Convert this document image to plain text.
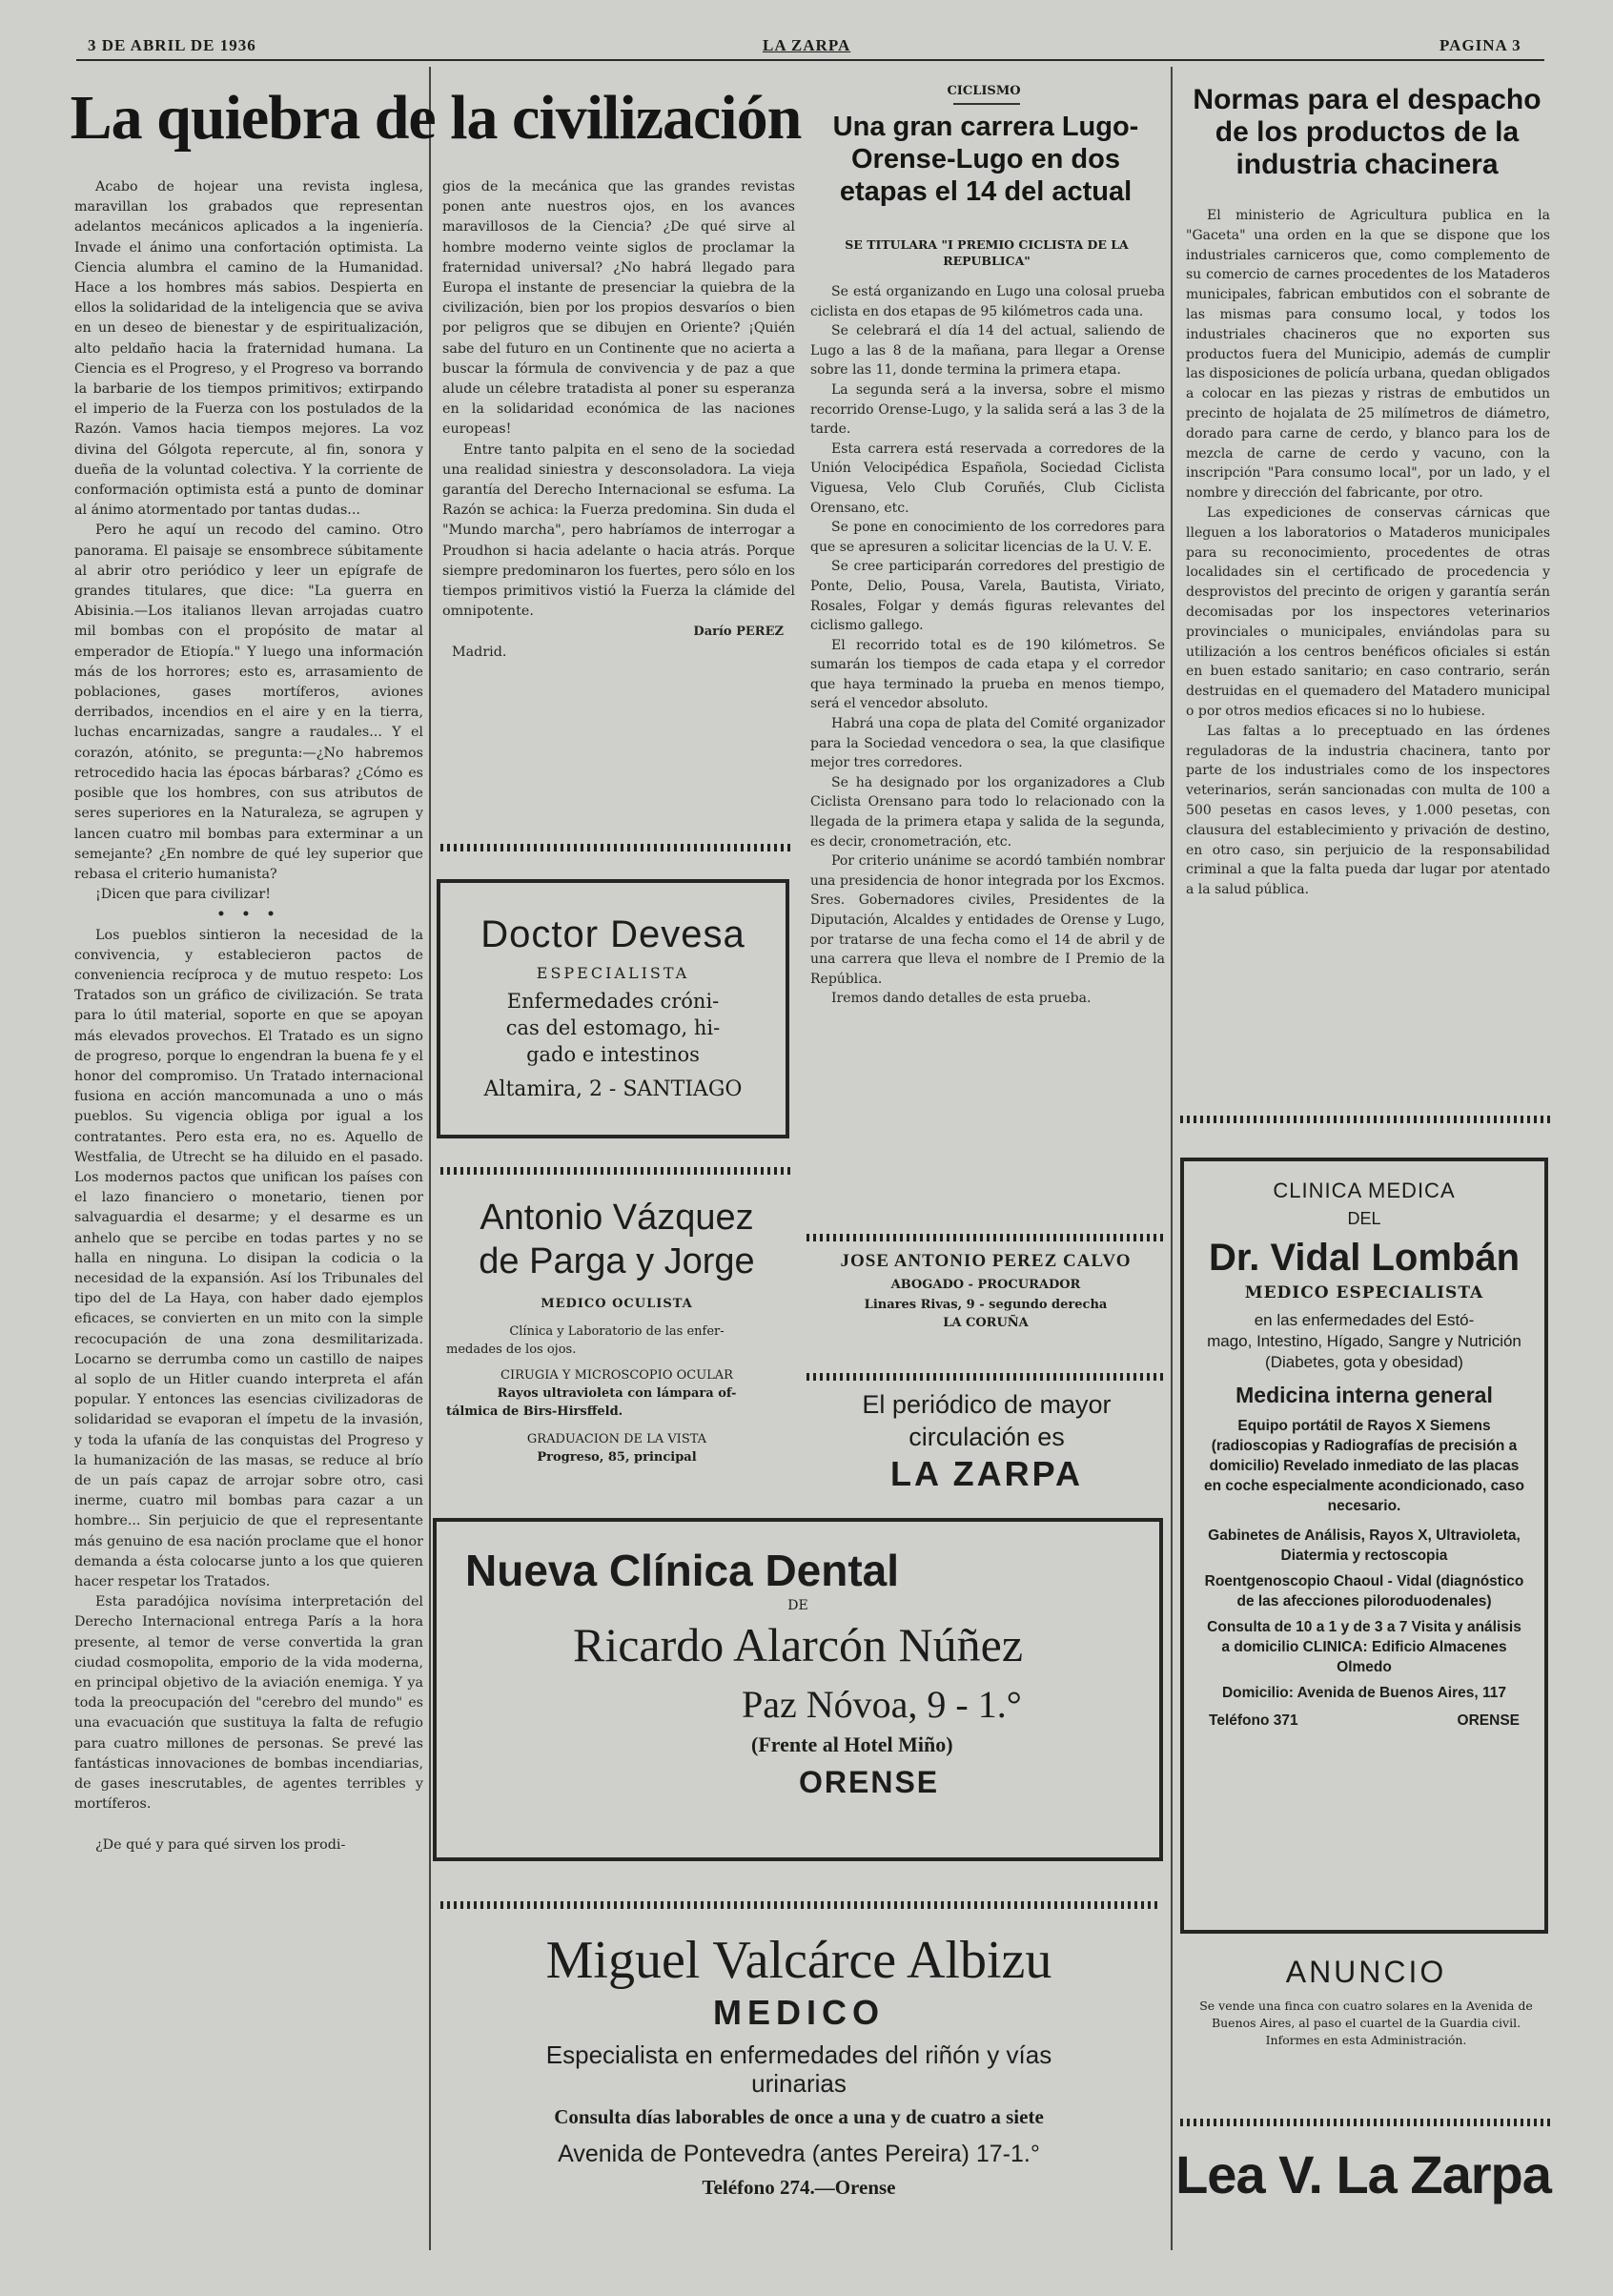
3 DE ABRIL DE 1936	LA ZARPA	PAGINA 3
La quiebra de la civilización

Acabo de hojear una revista inglesa, maravillan los grabados que representan adelantos mecánicos aplicados a la ingeniería. Invade el ánimo una confortación optimista. La Ciencia alumbra el camino de la Humanidad. Hace a los hombres más sabios. Despierta en ellos la solidaridad de la inteligencia que se aviva en un deseo de bienestar y de espiritualización, alto peldaño hacia la fraternidad humana. La Ciencia es el Progreso, y el Progreso va borrando la barbarie de los tiempos primitivos; extirpando el imperio de la Fuerza con los postulados de la Razón. Vamos hacia tiempos mejores. La voz divina del Gólgota repercute, al fin, sonora y dueña de la voluntad colectiva. Y la corriente de conformación optimista está a punto de dominar al ánimo atormentado por tantas dudas...

Pero he aquí un recodo del camino. Otro panorama. El paisaje se ensombrece súbitamente al abrir otro periódico y leer un epígrafe de grandes titulares, que dice: "La guerra en Abisinia.—Los italianos llevan arrojadas cuatro mil bombas con el propósito de matar al emperador de Etiopía." Y luego una información más de los horrores; esto es, arrasamiento de poblaciones, gases mortíferos, aviones derribados, incendios en el aire y en la tierra, luchas encarnizadas, sangre a raudales... Y el corazón, atónito, se pregunta:—¿No habremos retrocedido hacia las épocas bárbaras? ¿Cómo es posible que los hombres, con sus atributos de seres superiores en la Naturaleza, se agrupen y lancen cuatro mil bombas para exterminar a un semejante? ¿En nombre de qué ley superior que rebasa el criterio humanista?

¡Dicen que para civilizar!

• • •

Los pueblos sintieron la necesidad de la convivencia, y establecieron pactos de conveniencia recíproca y de mutuo respeto: Los Tratados son un gráfico de civilización. Se trata para lo útil material, soporte en que se apoyan más elevados provechos. El Tratado es un signo de progreso, porque lo engendran la buena fe y el honor del compromiso. Un Tratado internacional fusiona en acción mancomunada a uno o más pueblos. Su vigencia obliga por igual a los contratantes. Pero esta era, no es. Aquello de Westfalia, de Utrecht se ha diluido en el pasado. Los modernos pactos que unifican los países con el lazo financiero o monetario, tienen por salvaguardia el desarme; y el desarme es un anhelo que se percibe en todas partes y no se halla en ninguna. Lo disipan la codicia o la necesidad de la expansión. Así los Tribunales del tipo del de La Haya, con haber dado ejemplos eficaces, se convierten en un mito con la simple recocupación de una zona desmilitarizada. Locarno se derrumba como un castillo de naipes al soplo de un Hitler cuando interpreta el afán popular. Y entonces las esencias civilizadoras de solidaridad se evaporan el ímpetu de la invasión, y toda la ufanía de las conquistas del Progreso y la humanización de las masas, se reduce al brío de un país capaz de arrojar sobre otro, casi inerme, cuatro mil bombas para cazar a un hombre... Sin perjuicio de que el representante más genuino de esa nación proclame que el honor demanda a ésta colocarse junto a los que quieren hacer respetar los Tratados.

Esta paradójica novísima interpretación del Derecho Internacional entrega París a la hora presente, al temor de verse convertida la gran ciudad cosmopolita, emporio de la vida moderna, en principal objetivo de la aviación enemiga. Y ya toda la preocupación del "cerebro del mundo" es una evacuación que sustituya la falta de refugio para cuatro millones de personas. Se prevé las fantásticas innovaciones de bombas incendiarias, de gases inescrutables, de agentes terribles y mortíferos.

¿De qué y para qué sirven los prodi-

gios de la mecánica que las grandes revistas ponen ante nuestros ojos, en los avances maravillosos de la Ciencia? ¿De qué sirve al hombre moderno veinte siglos de proclamar la fraternidad universal? ¿No habrá llegado para Europa el instante de presenciar la quiebra de la civilización, bien por los propios desvaríos o bien por peligros que se dibujen en Oriente? ¡Quién sabe del futuro en un Continente que no acierta a buscar la fórmula de convivencia y de paz a que alude un célebre tratadista al poner su esperanza en la solidaridad económica de las naciones europeas!

Entre tanto palpita en el seno de la sociedad una realidad siniestra y desconsoladora. La vieja garantía del Derecho Internacional se esfuma. La Razón se achica: la Fuerza predomina. Sin duda el "Mundo marcha", pero habríamos de interrogar a Proudhon si hacia adelante o hacia atrás. Porque siempre predominaron los fuertes, pero sólo en los tiempos primitivos vistió la Fuerza la clámide del omnipotente.

Darío PEREZ

Madrid.

Doctor Devesa
ESPECIALISTA
Enfermedades cróni-
cas del estomago, hi-
gado e intestinos
Altamira, 2 - SANTIAGO
Antonio Vázquez
de Parga y Jorge
MEDICO OCULISTA
Clínica y Laboratorio de las enfer-
medades de los ojos.
CIRUGIA Y MICROSCOPIO OCULAR
Rayos ultravioleta con lámpara of-
tálmica de Birs-Hirsffeld.
GRADUACION DE LA VISTA
Progreso, 85, principal
CICLISMO
Una gran carrera Lugo-Orense-Lugo en dos etapas el 14 del actual
SE TITULARA "I PREMIO CICLISTA DE LA REPUBLICA"

Se está organizando en Lugo una colosal prueba ciclista en dos etapas de 95 kilómetros cada una.

Se celebrará el día 14 del actual, saliendo de Lugo a las 8 de la mañana, para llegar a Orense sobre las 11, donde termina la primera etapa.

La segunda será a la inversa, sobre el mismo recorrido Orense-Lugo, y la salida será a las 3 de la tarde.

Esta carrera está reservada a corredores de la Unión Velocipédica Española, Sociedad Ciclista Viguesa, Velo Club Coruñés, Club Ciclista Orensano, etc.

Se pone en conocimiento de los corredores para que se apresuren a solicitar licencias de la U. V. E.

Se cree participarán corredores del prestigio de Ponte, Delio, Pousa, Varela, Bautista, Viriato, Rosales, Folgar y demás figuras relevantes del ciclismo gallego.

El recorrido total es de 190 kilómetros. Se sumarán los tiempos de cada etapa y el corredor que haya terminado la prueba en menos tiempo, será el vencedor absoluto.

Habrá una copa de plata del Comité organizador para la Sociedad vencedora o sea, la que clasifique mejor tres corredores.

Se ha designado por los organizadores a Club Ciclista Orensano para todo lo relacionado con la llegada de la primera etapa y salida de la segunda, es decir, cronometración, etc.

Por criterio unánime se acordó también nombrar una presidencia de honor integrada por los Excmos. Sres. Gobernadores civiles, Presidentes de la Diputación, Alcaldes y entidades de Orense y Lugo, por tratarse de una fecha como el 14 de abril y de una carrera que lleva el nombre de I Premio de la República.

Iremos dando detalles de esta prueba.

JOSE ANTONIO PEREZ CALVO
ABOGADO - PROCURADOR
Linares Rivas, 9 - segundo derecha
LA CORUÑA
El periódico de mayor
circulación es
LA ZARPA
Normas para el despacho de los productos de la industria chacinera

El ministerio de Agricultura publica en la "Gaceta" una orden en la que se dispone que los industriales carniceros que, como complemento de su comercio de carnes procedentes de los Mataderos municipales, fabrican embutidos con el sobrante de las mismas para consumo local, y todos los industriales chacineros que no exporten sus productos fuera del Municipio, además de cumplir las disposiciones de policía urbana, quedan obligados a colocar en las piezas y ristras de embutidos un precinto de hojalata de 25 milímetros de diámetro, dorado para carne de cerdo, y blanco para los de mezcla de carne de cerdo y vacuno, con la inscripción "Para consumo local", por un lado, y el nombre y dirección del fabricante, por otro.

Las expediciones de conservas cárnicas que lleguen a los laboratorios o Mataderos municipales para su reconocimiento, procedentes de otras localidades sin el certificado de procedencia y desprovistos del precinto de origen y garantía serán decomisadas por los inspectores veterinarios provinciales o municipales, enviándolas para su utilización a los centros benéficos oficiales si están en buen estado sanitario; en caso contrario, serán destruidas en el quemadero del Matadero municipal o por otros medios eficaces si no lo hubiese.

Las faltas a lo preceptuado en las órdenes reguladoras de la industria chacinera, tanto por parte de los industriales como de los inspectores veterinarios, serán sancionadas con multa de 100 a 500 pesetas en casos leves, y 1.000 pesetas, con clausura del establecimiento y privación de destino, en otro caso, sin perjuicio de la responsabilidad criminal a que la falta pueda dar lugar por atentado a la salud pública.

CLINICA MEDICA
DEL
Dr. Vidal Lombán
MEDICO ESPECIALISTA
en las enfermedades del Estó-
mago, Intestino, Hígado, Sangre y Nutrición (Diabetes, gota y obesidad)
Medicina interna general
Equipo portátil de Rayos X Siemens (radioscopias y Radiografías de precisión a domicilio) Revelado inmediato de las placas en coche especialmente acondicionado, caso necesario.
Gabinetes de Análisis, Rayos X, Ultravioleta, Diatermia y rectoscopia
Roentgenoscopio Chaoul - Vidal (diagnóstico de las afecciones piloroduodenales)
Consulta de 10 a 1 y de 3 a 7 Visita y análisis a domicilio CLINICA: Edificio Almacenes Olmedo
Domicilio: Avenida de Buenos Aires, 117
Teléfono 371	ORENSE
ANUNCIO
Se vende una finca con cuatro solares en la Avenida de Buenos Aires, al paso el cuartel de la Guardia civil.
Informes en esta Administración.
Lea V. La Zarpa
Nueva Clínica Dental
DE
Ricardo Alarcón Núñez
Paz Nóvoa, 9 - 1.°
(Frente al Hotel Miño)
ORENSE
Miguel Valcárce Albizu
MEDICO
Especialista en enfermedades del riñón y vías
urinarias
Consulta días laborables de once a una y de cuatro a siete
Avenida de Pontevedra (antes Pereira) 17-1.°
Teléfono 274.—Orense
